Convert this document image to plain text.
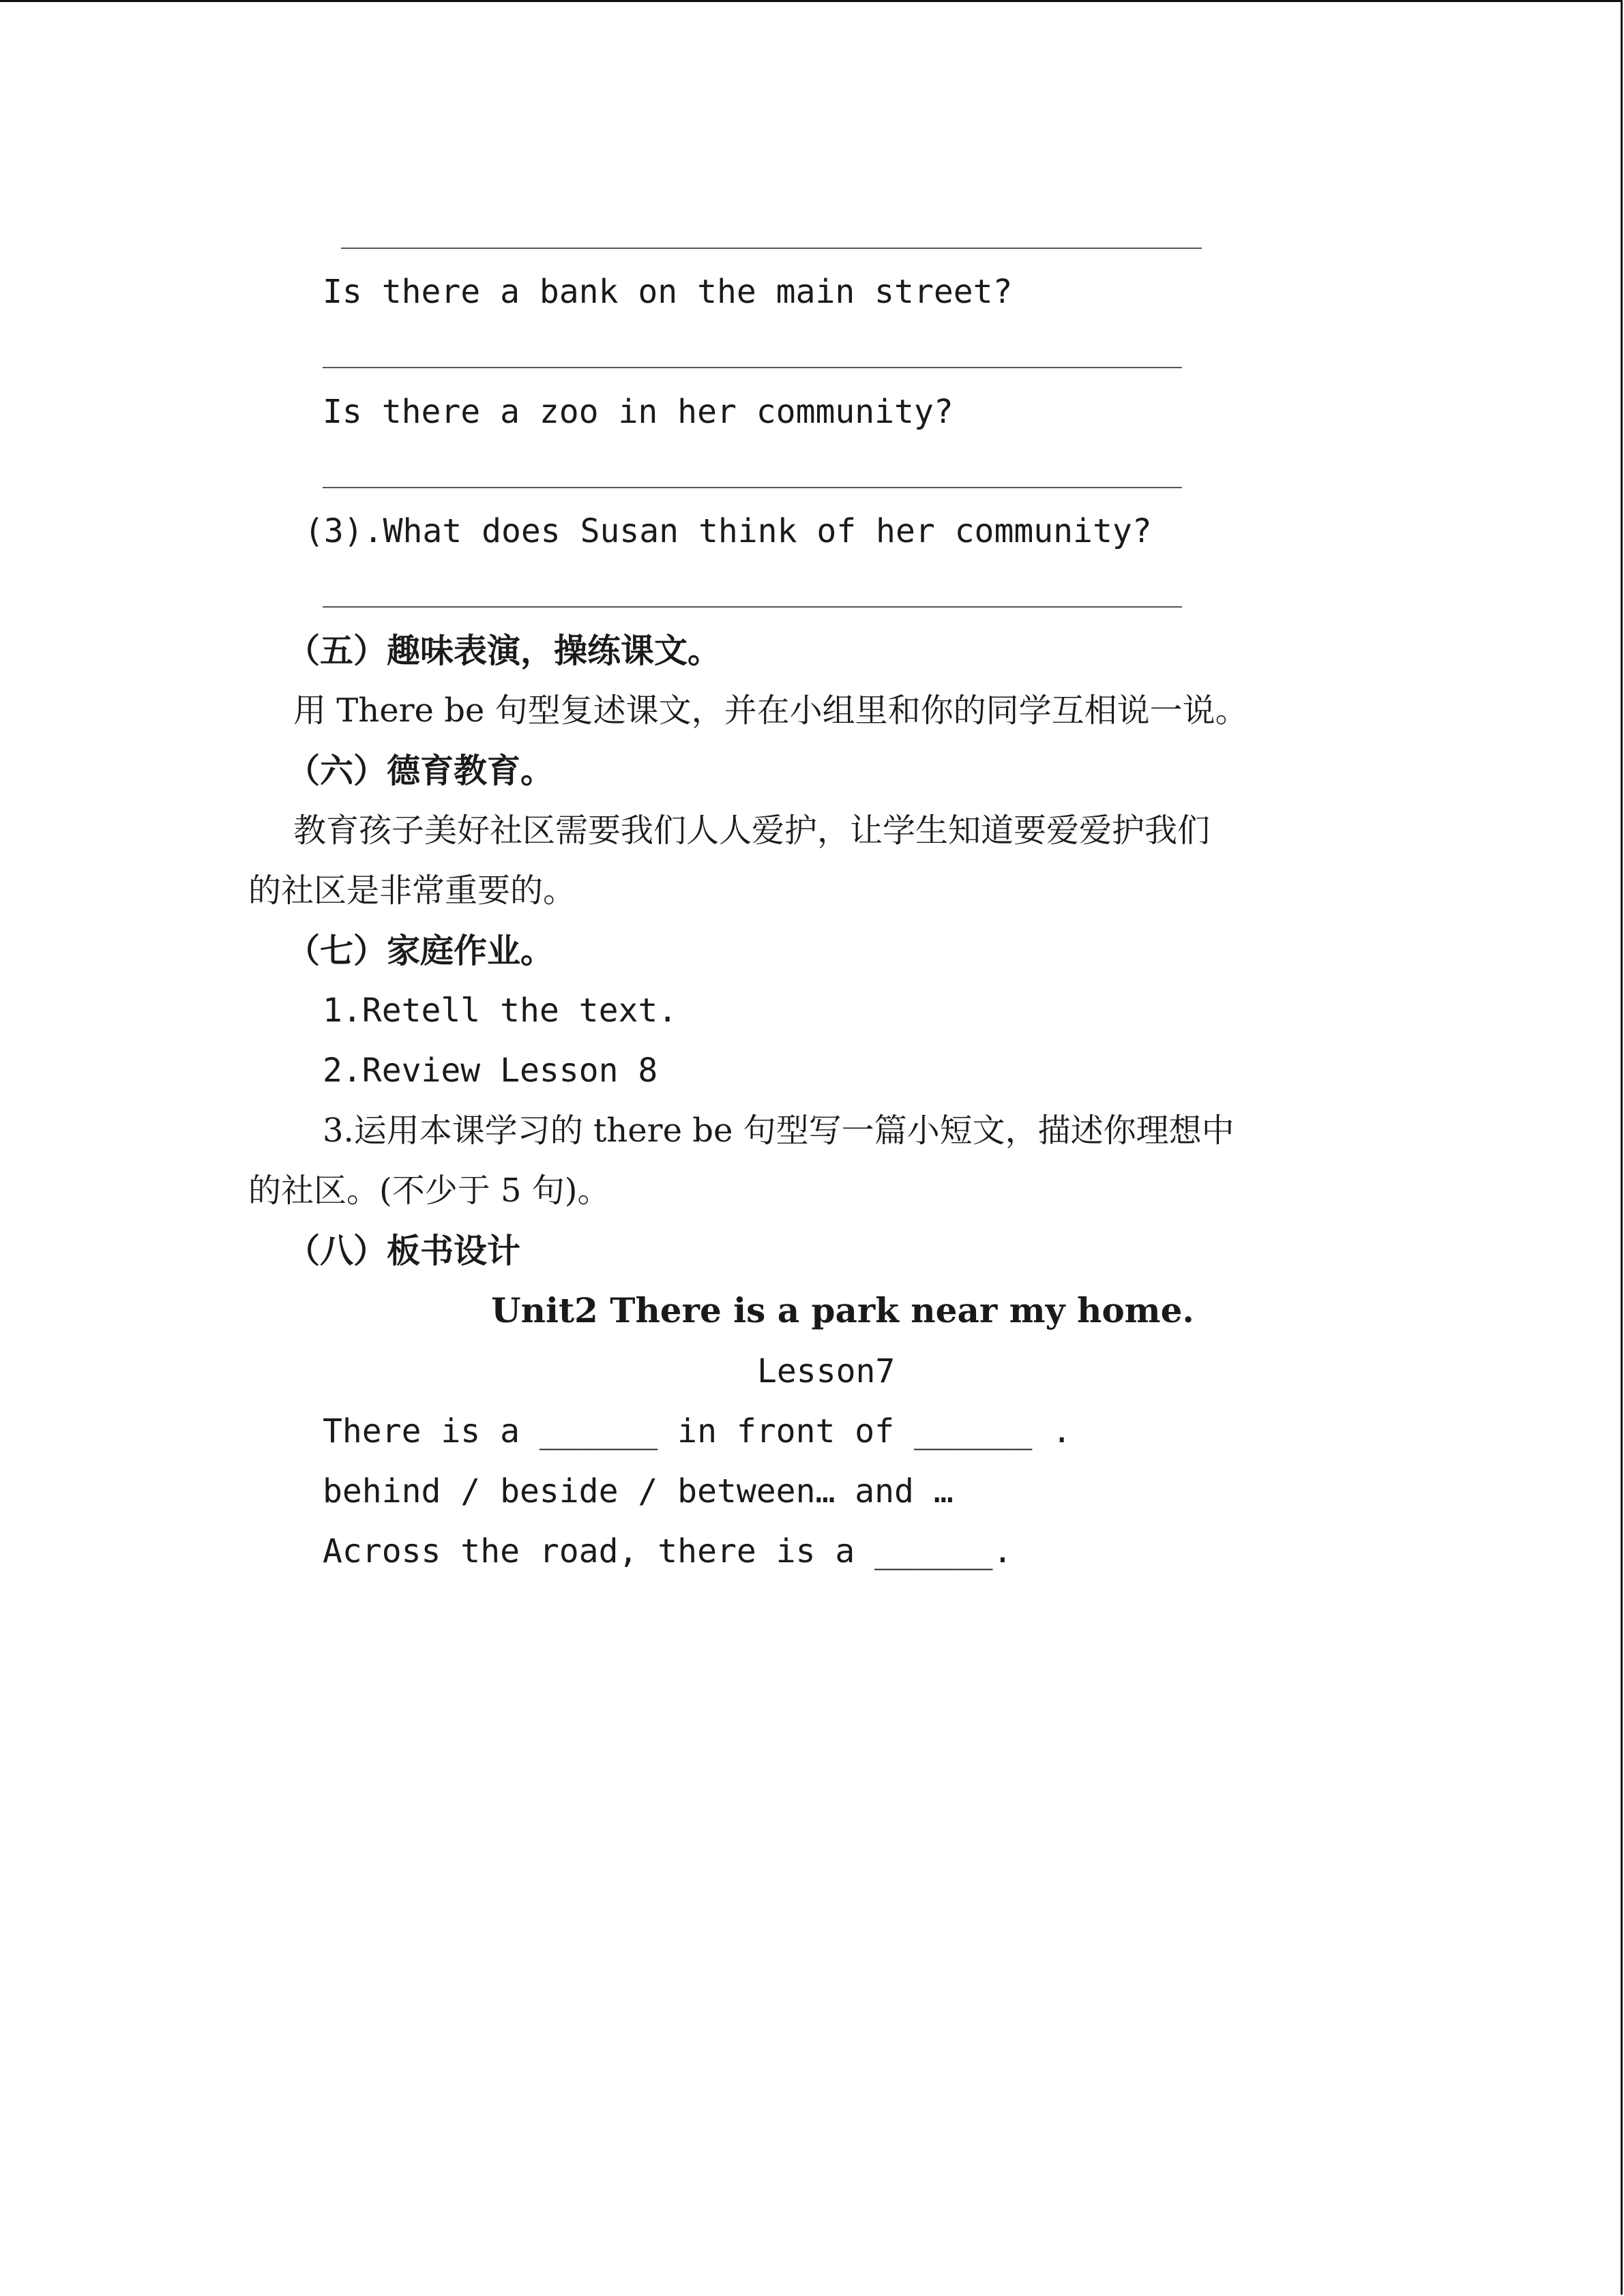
Is there a bank on the main street?
Is there a zoo in her community?
(3).What does Susan think of her community?
（五）趣味表演，操练课文。
用 There be 句型复述课文，并在小组里和你的同学互相说一说。
（六）德育教育。
教育孩子美好社区需要我们人人爱护，让学生知道要爱爱护我们
的社区是非常重要的。
（七）家庭作业。
1.Retell the text.
2.Review Lesson 8
3.运用本课学习的 there be 句型写一篇小短文，描述你理想中
的社区。(不少于 5 句)。
（八）板书设计
Unit2 There is a park near my home.
Lesson7
There is a ______ in front of ______ .
behind / beside / between… and …
Across the road, there is a ______.
